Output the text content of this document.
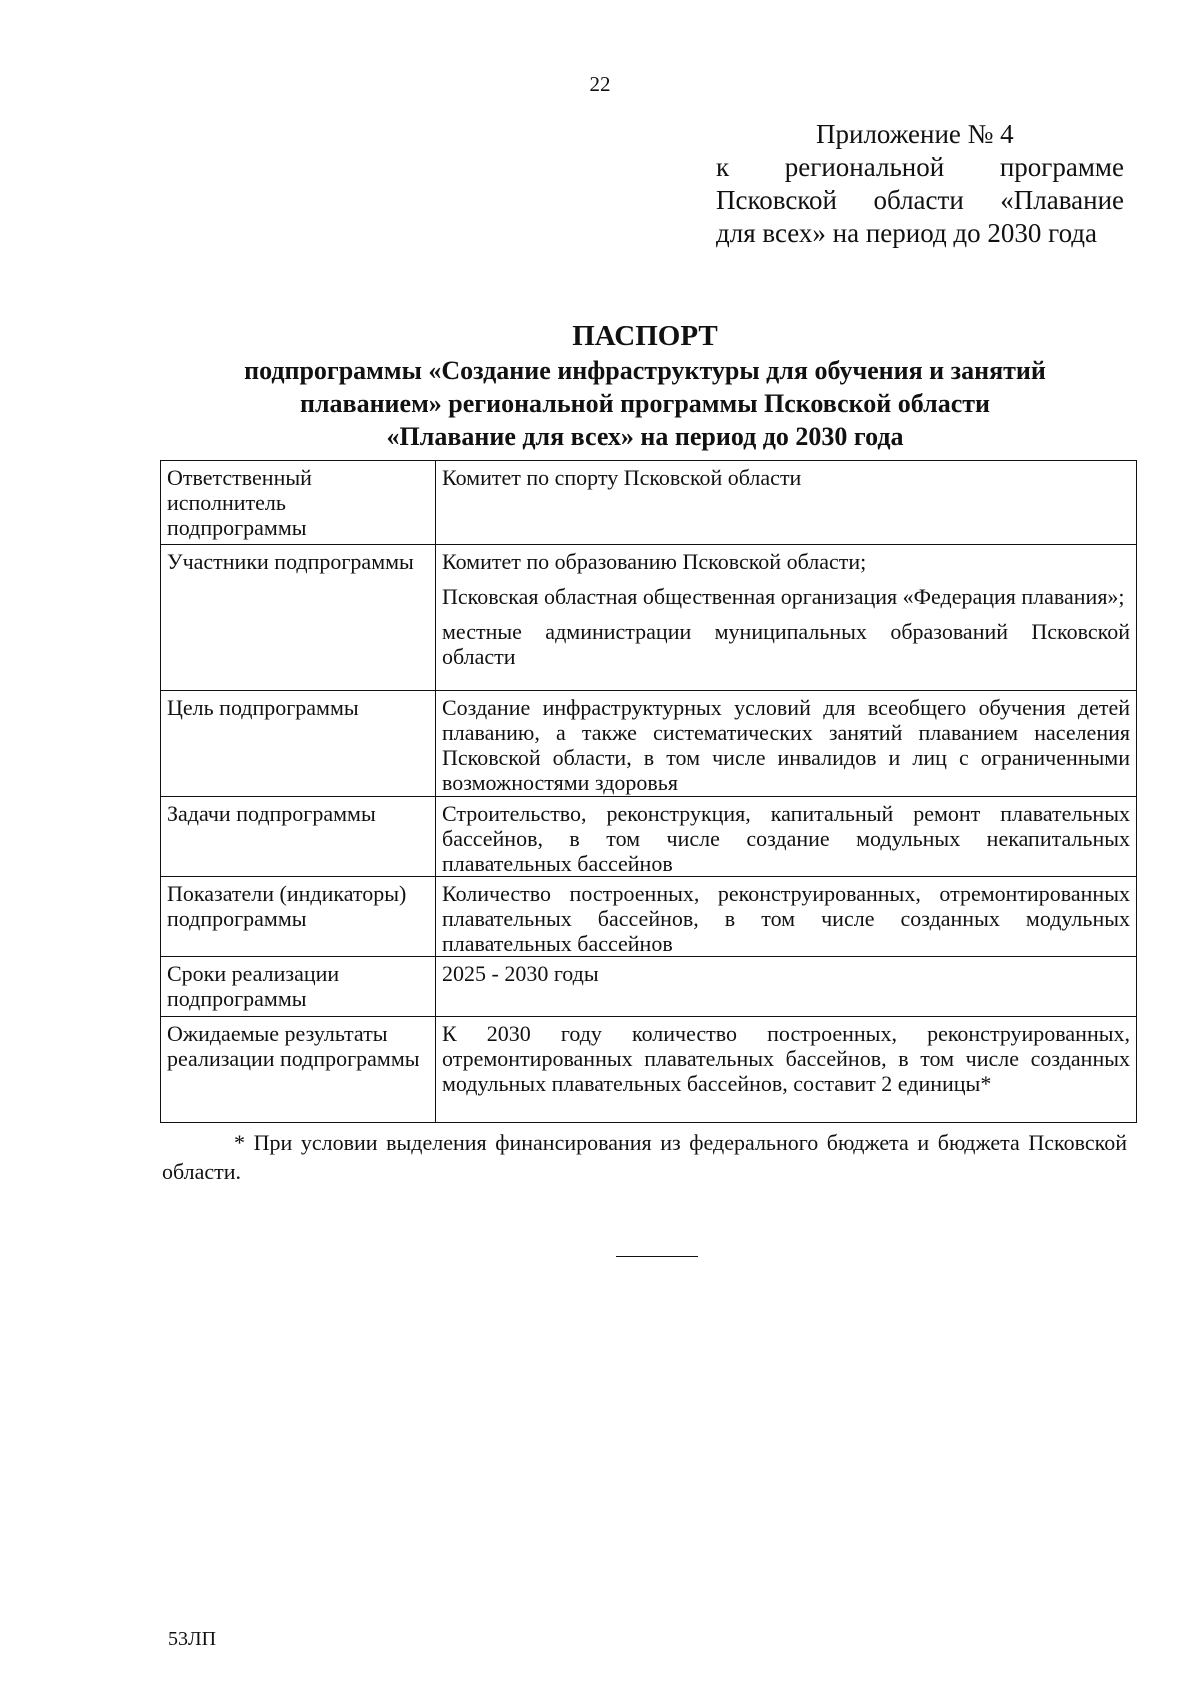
22
Приложение № 4
к региональной программе
Псковской области «Плавание
для всех» на период до 2030 года
ПАСПОРТ

подпрограммы «Создание инфраструктуры для обучения и занятий

плаванием» региональной программы Псковской области

«Плавание для всех» на период до 2030 года

Ответственный исполнитель подпрограммы	Комитет по спорту Псковской области

Участники подпрограммы	Комитет по образованию Псковской области;

Псковская областная общественная организация «Федерация плавания»;

местные администрации муниципальных образований Псковской области

Цель подпрограммы	Создание инфраструктурных условий для всеобщего обучения детей плаванию, а также систематических занятий плаванием населения Псковской области, в том числе инвалидов и лиц с ограниченными возможностями здоровья

Задачи подпрограммы	Строительство, реконструкция, капитальный ремонт плавательных бассейнов, в том числе создание модульных некапитальных плавательных бассейнов

Показатели (индикаторы) подпрограммы	Количество построенных, реконструированных, отремонтированных плавательных бассейнов, в том числе созданных модульных плавательных бассейнов

Сроки реализации подпрограммы	2025 - 2030 годы

Ожидаемые результаты реализации подпрограммы	К 2030 году количество построенных, реконструированных, отремонтированных плавательных бассейнов, в том числе созданных модульных плавательных бассейнов, составит 2 единицы*

* При условии выделения финансирования из федерального бюджета и бюджета Псковской области.
53ЛП
